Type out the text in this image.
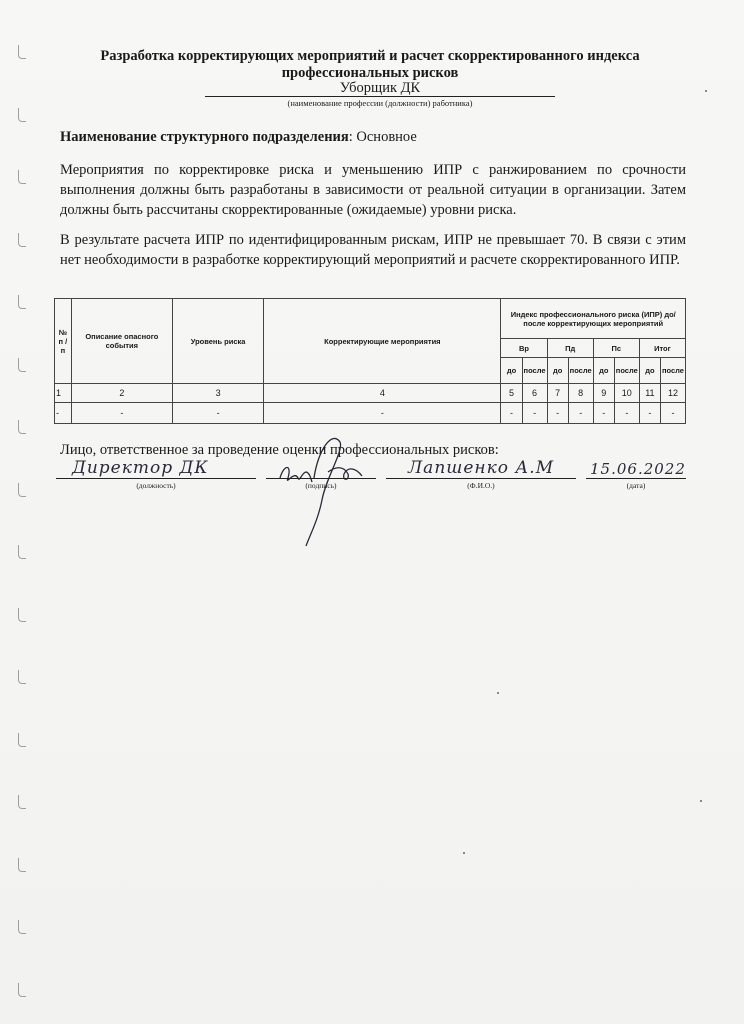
Разработка корректирующих мероприятий и расчет скорректированного индекса
профессиональных рисков
Уборщик ДК
(наименование профессии (должности) работника)
Наименование структурного подразделения: Основное
Мероприятия по корректировке риска и уменьшению ИПР с ранжированием по срочности выполнения должны быть разработаны в зависимости от реальной ситуации в организации. Затем должны быть рассчитаны скорректированные (ожидаемые) уровни риска.
В результате расчета ИПР по идентифицированным рискам, ИПР не превышает 70. В связи с этим нет необходимости в разработке корректирующий мероприятий и расчете скорректированного ИПР.
№ п / п	Описание опасного события	Уровень риска	Корректирующие мероприятия	Индекс профессионального риска (ИПР) до/после корректирующих мероприятий							
				Вр		Пд		Пс		Итог	
				до	после	до	после	до	после	до	после
1	2	3	4	5	6	7	8	9	10	11	12
-	-	-	-	-	-	-	-	-	-	-	-
Лицо, ответственное за проведение оценки профессиональных рисков:
Директор ДК	Лапшенко А.М 15.06.2022
(должность)	(подпись)	(Ф.И.О.)	(дата)
